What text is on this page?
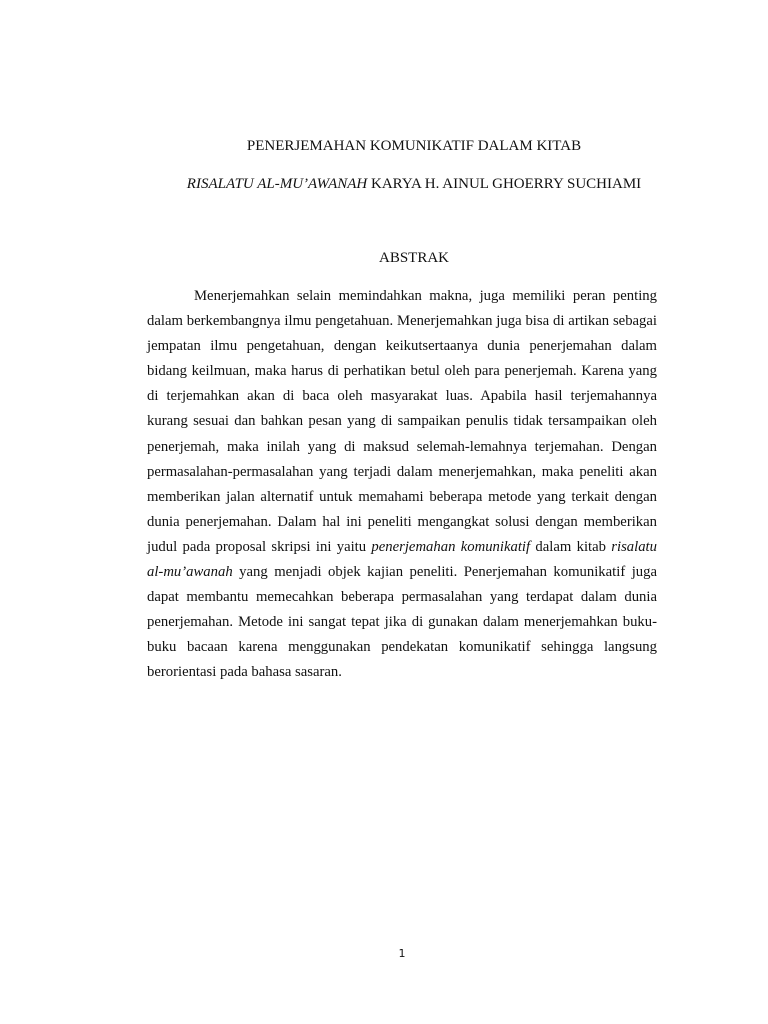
PENERJEMAHAN KOMUNIKATIF DALAM KITAB
RISALATU AL-MU’AWANAH KARYA H. AINUL GHOERRY SUCHIAMI
ABSTRAK

Menerjemahkan selain memindahkan makna, juga memiliki peran penting dalam berkembangnya ilmu pengetahuan. Menerjemahkan juga bisa di artikan sebagai jempatan ilmu pengetahuan, dengan keikutsertaanya dunia penerjemahan dalam bidang keilmuan, maka harus di perhatikan betul oleh para penerjemah. Karena yang di terjemahkan akan di baca oleh masyarakat luas. Apabila hasil terjemahannya kurang sesuai dan bahkan pesan yang di sampaikan penulis tidak tersampaikan oleh penerjemah, maka inilah yang di maksud selemah-lemahnya terjemahan. Dengan permasalahan-permasalahan yang terjadi dalam menerjemahkan, maka peneliti akan memberikan jalan alternatif untuk memahami beberapa metode yang terkait dengan dunia penerjemahan. Dalam hal ini peneliti mengangkat solusi dengan memberikan judul pada proposal skripsi ini yaitu penerjemahan komunikatif dalam kitab risalatu al-mu’awanah yang menjadi objek kajian peneliti. Penerjemahan komunikatif juga dapat membantu memecahkan beberapa permasalahan yang terdapat dalam dunia penerjemahan. Metode ini sangat tepat jika di gunakan dalam menerjemahkan buku-buku bacaan karena menggunakan pendekatan komunikatif sehingga langsung berorientasi pada bahasa sasaran.

1
